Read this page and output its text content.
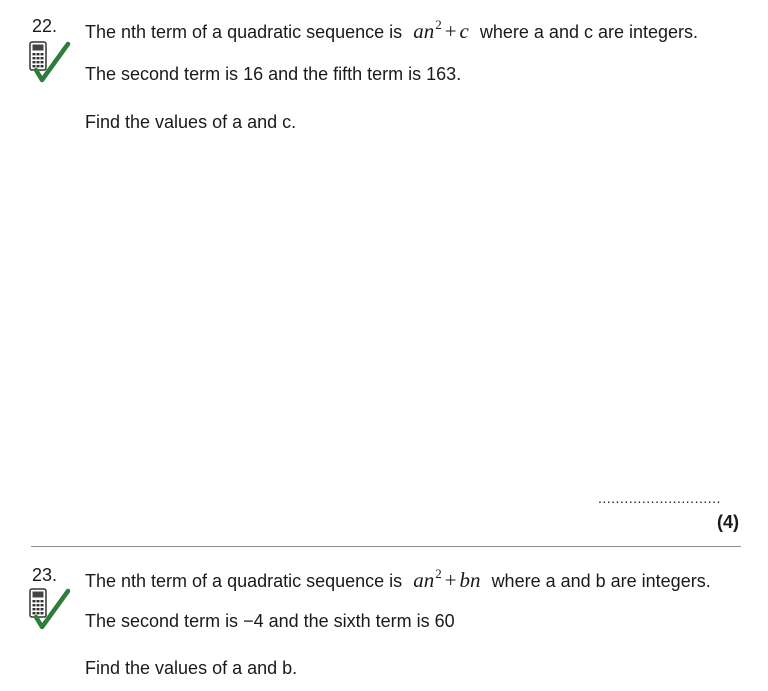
22. The nth term of a quadratic sequence is $an^2 + c$ where a and c are integers.
The second term is 16 and the fifth term is 163.
Find the values of a and c.
............................
(4)
23. The nth term of a quadratic sequence is $an^2$ + bn where a and b are integers.
The second term is −4 and the sixth term is 60
Find the values of a and b.
